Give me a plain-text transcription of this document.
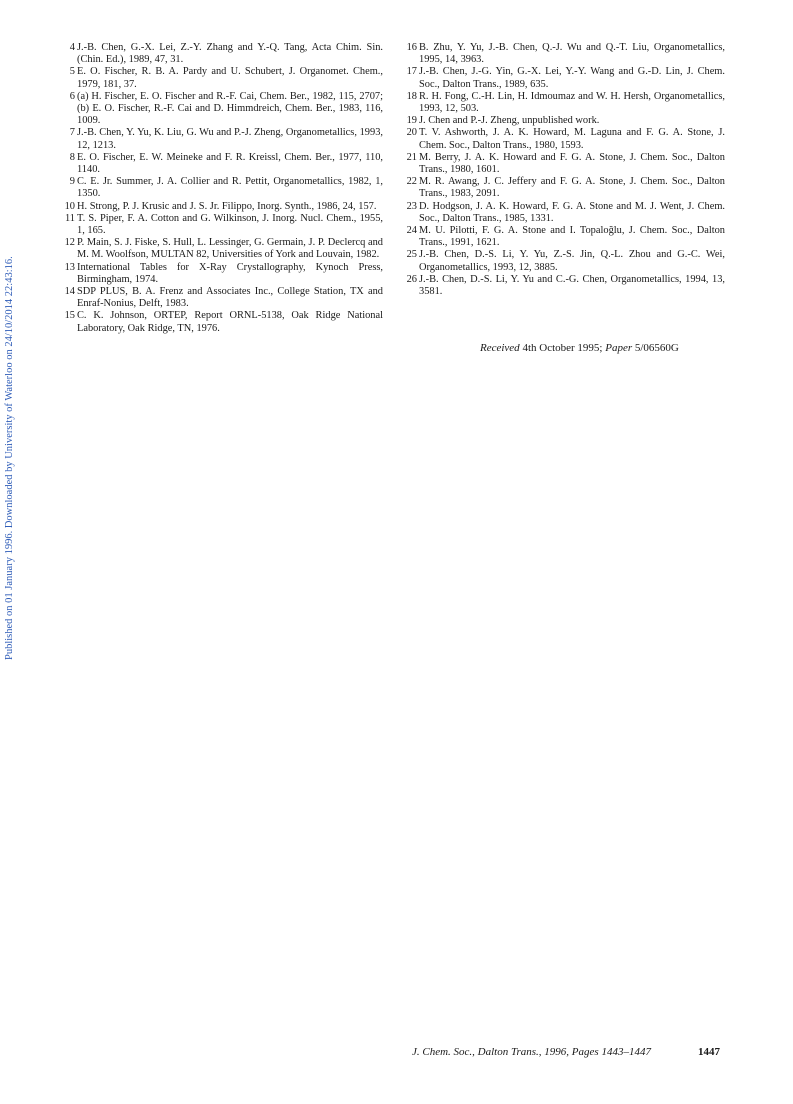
Published on 01 January 1996. Downloaded by University of Waterloo on 24/10/2014 22:43:16.

4 J.-B. Chen, G.-X. Lei, Z.-Y. Zhang and Y.-Q. Tang, Acta Chim. Sin. (Chin. Ed.), 1989, 47, 31.

5 E. O. Fischer, R. B. A. Pardy and U. Schubert, J. Organomet. Chem., 1979, 181, 37.

6 (a) H. Fischer, E. O. Fischer and R.-F. Cai, Chem. Ber., 1982, 115, 2707; (b) E. O. Fischer, R.-F. Cai and D. Himmdreich, Chem. Ber., 1983, 116, 1009.

7 J.-B. Chen, Y. Yu, K. Liu, G. Wu and P.-J. Zheng, Organometallics, 1993, 12, 1213.

8 E. O. Fischer, E. W. Meineke and F. R. Kreissl, Chem. Ber., 1977, 110, 1140.

9 C. E. Jr. Summer, J. A. Collier and R. Pettit, Organometallics, 1982, 1, 1350.

10 H. Strong, P. J. Krusic and J. S. Jr. Filippo, Inorg. Synth., 1986, 24, 157.

11 T. S. Piper, F. A. Cotton and G. Wilkinson, J. Inorg. Nucl. Chem., 1955, 1, 165.

12 P. Main, S. J. Fiske, S. Hull, L. Lessinger, G. Germain, J. P. Declercq and M. M. Woolfson, MULTAN 82, Universities of York and Louvain, 1982.

13 International Tables for X-Ray Crystallography, Kynoch Press, Birmingham, 1974.

14 SDP PLUS, B. A. Frenz and Associates Inc., College Station, TX and Enraf-Nonius, Delft, 1983.

15 C. K. Johnson, ORTEP, Report ORNL-5138, Oak Ridge National Laboratory, Oak Ridge, TN, 1976.

16 B. Zhu, Y. Yu, J.-B. Chen, Q.-J. Wu and Q.-T. Liu, Organometallics, 1995, 14, 3963.

17 J.-B. Chen, J.-G. Yin, G.-X. Lei, Y.-Y. Wang and G.-D. Lin, J. Chem. Soc., Dalton Trans., 1989, 635.

18 R. H. Fong, C.-H. Lin, H. Idmoumaz and W. H. Hersh, Organometallics, 1993, 12, 503.

19 J. Chen and P.-J. Zheng, unpublished work.

20 T. V. Ashworth, J. A. K. Howard, M. Laguna and F. G. A. Stone, J. Chem. Soc., Dalton Trans., 1980, 1593.

21 M. Berry, J. A. K. Howard and F. G. A. Stone, J. Chem. Soc., Dalton Trans., 1980, 1601.

22 M. R. Awang, J. C. Jeffery and F. G. A. Stone, J. Chem. Soc., Dalton Trans., 1983, 2091.

23 D. Hodgson, J. A. K. Howard, F. G. A. Stone and M. J. Went, J. Chem. Soc., Dalton Trans., 1985, 1331.

24 M. U. Pilotti, F. G. A. Stone and I. Topaloğlu, J. Chem. Soc., Dalton Trans., 1991, 1621.

25 J.-B. Chen, D.-S. Li, Y. Yu, Z.-S. Jin, Q.-L. Zhou and G.-C. Wei, Organometallics, 1993, 12, 3885.

26 J.-B. Chen, D.-S. Li, Y. Yu and C.-G. Chen, Organometallics, 1994, 13, 3581.

Received 4th October 1995; Paper 5/06560G
J. Chem. Soc., Dalton Trans., 1996, Pages 1443–1447	1447
